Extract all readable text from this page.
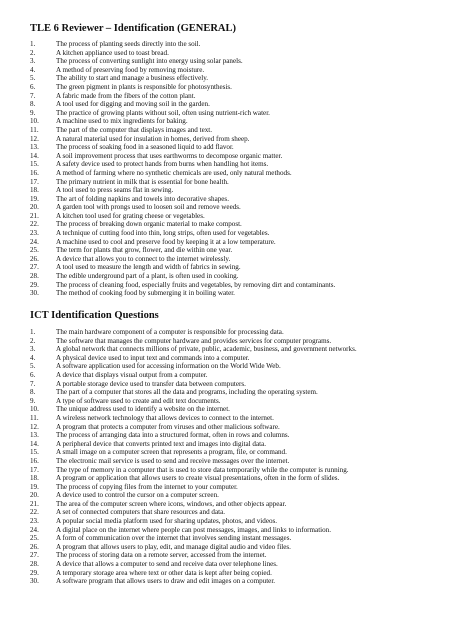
TLE 6 Reviewer – Identification (GENERAL)
1.	The process of planting seeds directly into the soil.
2.	A kitchen appliance used to toast bread.
3.	The process of converting sunlight into energy using solar panels.
4.	A method of preserving food by removing moisture.
5.	The ability to start and manage a business effectively.
6.	The green pigment in plants is responsible for photosynthesis.
7.	A fabric made from the fibers of the cotton plant.
8.	A tool used for digging and moving soil in the garden.
9.	The practice of growing plants without soil, often using nutrient-rich water.
10.	A machine used to mix ingredients for baking.
11.	The part of the computer that displays images and text.
12.	A natural material used for insulation in homes, derived from sheep.
13.	The process of soaking food in a seasoned liquid to add flavor.
14.	A soil improvement process that uses earthworms to decompose organic matter.
15.	A safety device used to protect hands from burns when handling hot items.
16.	A method of farming where no synthetic chemicals are used, only natural methods.
17.	The primary nutrient in milk that is essential for bone health.
18.	A tool used to press seams flat in sewing.
19.	The art of folding napkins and towels into decorative shapes.
20.	A garden tool with prongs used to loosen soil and remove weeds.
21.	A kitchen tool used for grating cheese or vegetables.
22.	The process of breaking down organic material to make compost.
23.	A technique of cutting food into thin, long strips, often used for vegetables.
24.	A machine used to cool and preserve food by keeping it at a low temperature.
25.	The term for plants that grow, flower, and die within one year.
26.	A device that allows you to connect to the internet wirelessly.
27.	A tool used to measure the length and width of fabrics in sewing.
28.	The edible underground part of a plant, is often used in cooking.
29.	The process of cleaning food, especially fruits and vegetables, by removing dirt and contaminants.
30.	The method of cooking food by submerging it in boiling water.
ICT Identification Questions
1.	The main hardware component of a computer is responsible for processing data.
2.	The software that manages the computer hardware and provides services for computer programs.
3.	A global network that connects millions of private, public, academic, business, and government networks.
4.	A physical device used to input text and commands into a computer.
5.	A software application used for accessing information on the World Wide Web.
6.	A device that displays visual output from a computer.
7.	A portable storage device used to transfer data between computers.
8.	The part of a computer that stores all the data and programs, including the operating system.
9.	A type of software used to create and edit text documents.
10.	The unique address used to identify a website on the internet.
11.	A wireless network technology that allows devices to connect to the internet.
12.	A program that protects a computer from viruses and other malicious software.
13.	The process of arranging data into a structured format, often in rows and columns.
14.	A peripheral device that converts printed text and images into digital data.
15.	A small image on a computer screen that represents a program, file, or command.
16.	The electronic mail service is used to send and receive messages over the internet.
17.	The type of memory in a computer that is used to store data temporarily while the computer is running.
18.	A program or application that allows users to create visual presentations, often in the form of slides.
19.	The process of copying files from the internet to your computer.
20.	A device used to control the cursor on a computer screen.
21.	The area of the computer screen where icons, windows, and other objects appear.
22.	A set of connected computers that share resources and data.
23.	A popular social media platform used for sharing updates, photos, and videos.
24.	A digital place on the internet where people can post messages, images, and links to information.
25.	A form of communication over the internet that involves sending instant messages.
26.	A program that allows users to play, edit, and manage digital audio and video files.
27.	The process of storing data on a remote server, accessed from the internet.
28.	A device that allows a computer to send and receive data over telephone lines.
29.	A temporary storage area where text or other data is kept after being copied.
30.	A software program that allows users to draw and edit images on a computer.
